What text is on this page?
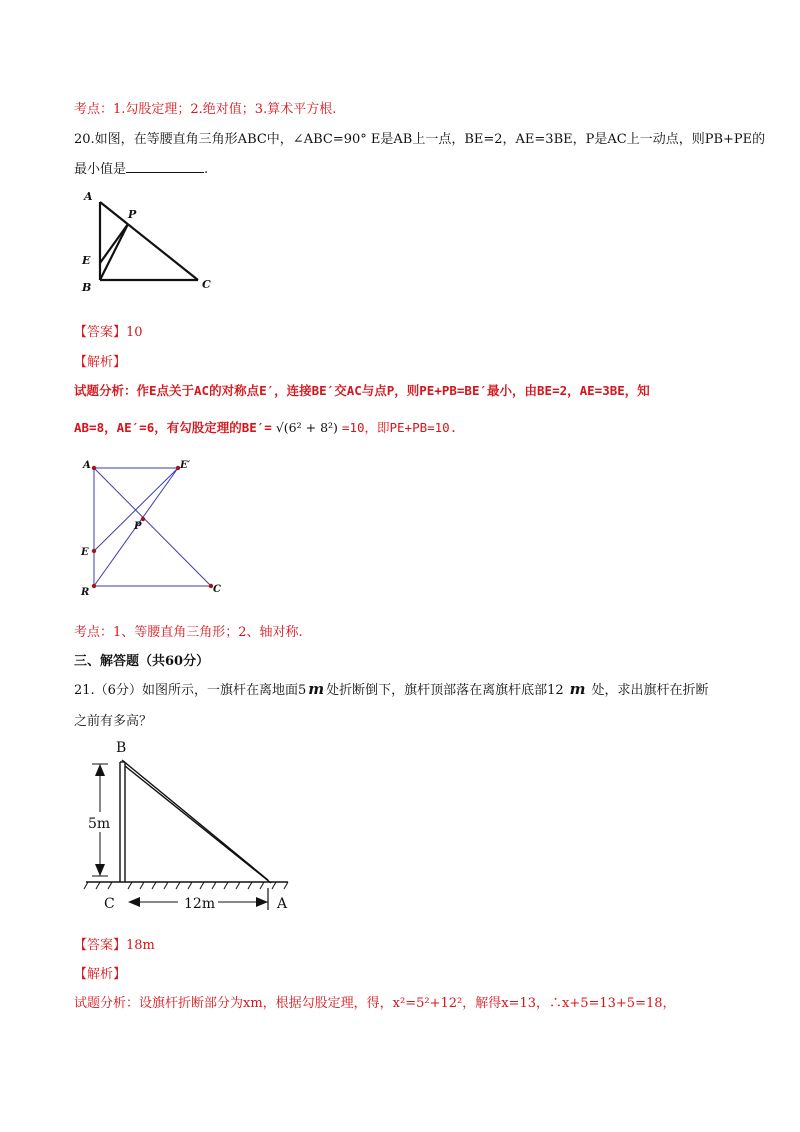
考点：1.勾股定理；2.绝对值；3.算术平方根.
20.如图，在等腰直角三角形ABC中，∠ABC=90° E是AB上一点，BE=2，AE=3BE，P是AC上一动点，则PB+PE的
最小值是	.
A
P
E
B	C
【答案】10
【解析】
试题分析：作E点关于AC的对称点E′，连接BE′交AC与点P，则PE+PB=BE′最小，由BE=2，AE=3BE，知
AB=8，AE′=6，有勾股定理的BE′= √(6² + 8²) =10，即PE+PB=10.
A	E′
P
E
R	C
考点：1、等腰直角三角形；2、轴对称.
三、解答题（共60分）
21.（6分）如图所示，一旗杆在离地面5 m 处折断倒下，旗杆顶部落在离旗杆底部12 m 处，求出旗杆在折断
之前有多高？
B
5m
C	12m	A
【答案】18m
【解析】
试题分析：设旗杆折断部分为xm，根据勾股定理，得，x²=5²+12²，解得x=13，∴x+5=13+5=18，
